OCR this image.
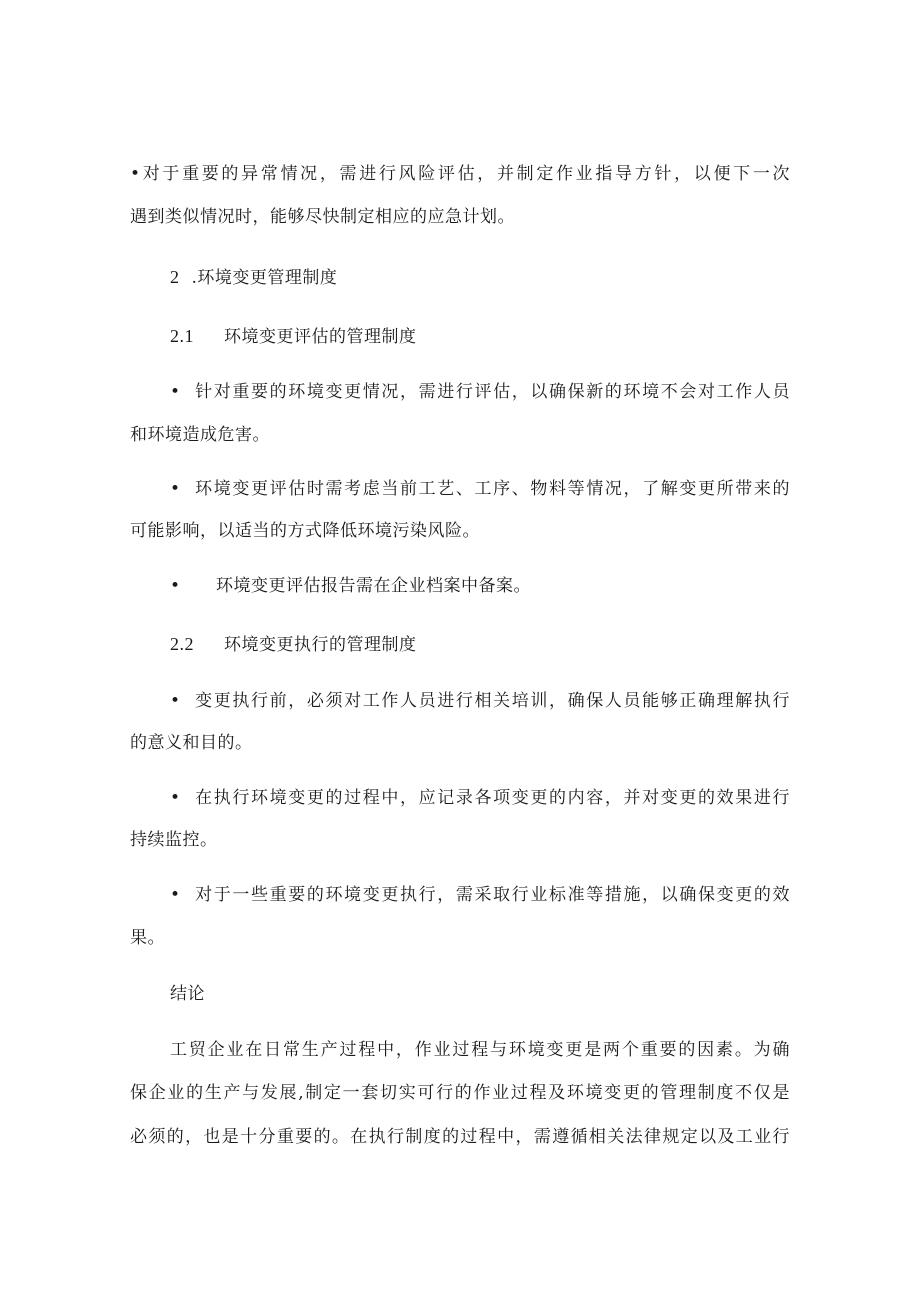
•对于重要的异常情况，需进行风险评估，并制定作业指导方针，以便下一次
遇到类似情况时，能够尽快制定相应的应急计划。
2 .环境变更管理制度
2.1 环境变更评估的管理制度
• 针对重要的环境变更情况，需进行评估，以确保新的环境不会对工作人员
和环境造成危害。
• 环境变更评估时需考虑当前工艺、工序、物料等情况，了解变更所带来的
可能影响，以适当的方式降低环境污染风险。
• 环境变更评估报告需在企业档案中备案。
2.2 环境变更执行的管理制度
• 变更执行前，必须对工作人员进行相关培训，确保人员能够正确理解执行
的意义和目的。
• 在执行环境变更的过程中，应记录各项变更的内容，并对变更的效果进行
持续监控。
• 对于一些重要的环境变更执行，需采取行业标准等措施，以确保变更的效
果。
结论
工贸企业在日常生产过程中，作业过程与环境变更是两个重要的因素。为确
保企业的生产与发展,制定一套切实可行的作业过程及环境变更的管理制度不仅是
必须的，也是十分重要的。在执行制度的过程中，需遵循相关法律规定以及工业行
